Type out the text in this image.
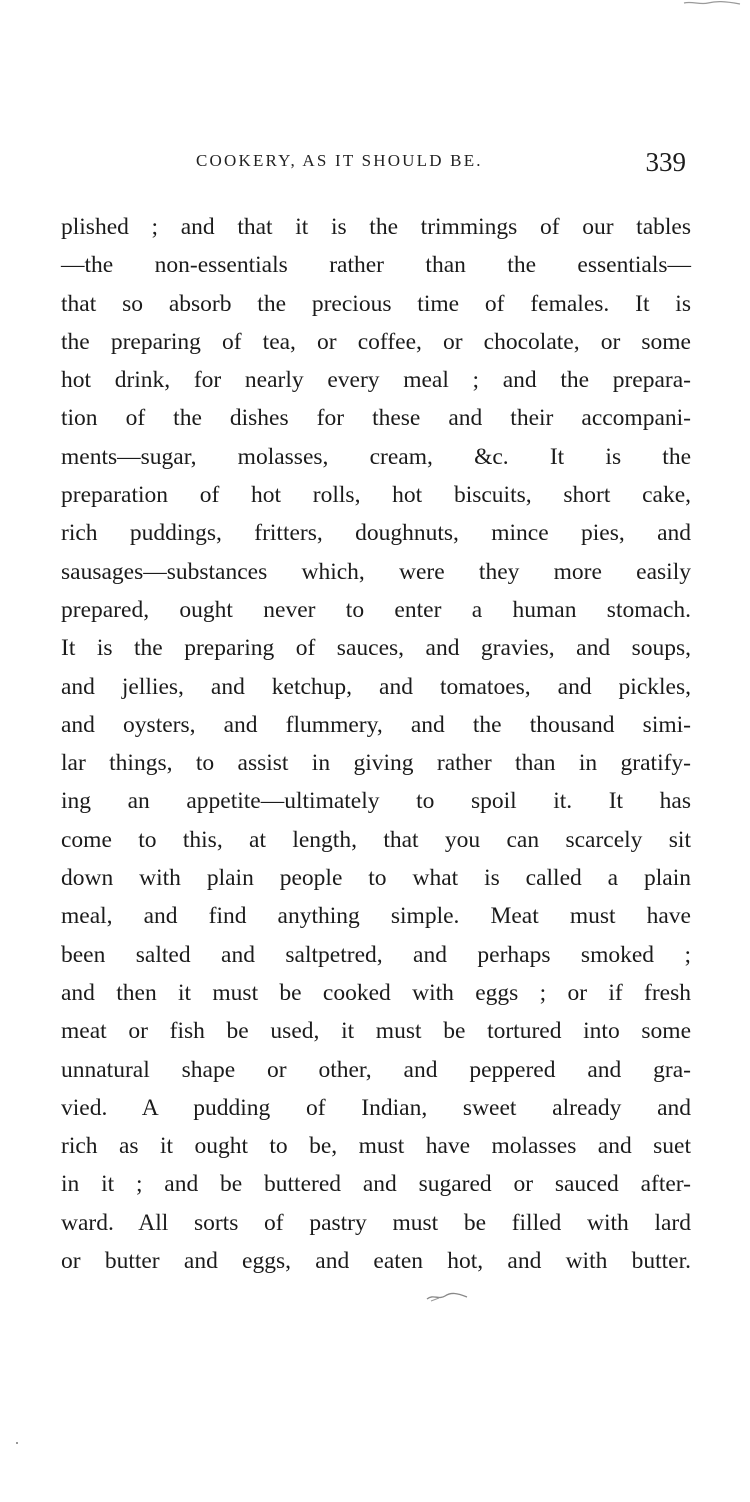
COOKERY, AS IT SHOULD BE.	339
plished ; and that it is the trimmings of our tables
—the non-essentials rather than the essentials—
that so absorb the precious time of females. It is
the preparing of tea, or coffee, or chocolate, or some
hot drink, for nearly every meal ; and the prepara-
tion of the dishes for these and their accompani-
ments—sugar, molasses, cream, &c. It is the
preparation of hot rolls, hot biscuits, short cake,
rich puddings, fritters, doughnuts, mince pies, and
sausages—substances which, were they more easily
prepared, ought never to enter a human stomach.
It is the preparing of sauces, and gravies, and soups,
and jellies, and ketchup, and tomatoes, and pickles,
and oysters, and flummery, and the thousand simi-
lar things, to assist in giving rather than in gratify-
ing an appetite—ultimately to spoil it. It has
come to this, at length, that you can scarcely sit
down with plain people to what is called a plain
meal, and find anything simple. Meat must have
been salted and saltpetred, and perhaps smoked ;
and then it must be cooked with eggs ; or if fresh
meat or fish be used, it must be tortured into some
unnatural shape or other, and peppered and gra-
vied. A pudding of Indian, sweet already and
rich as it ought to be, must have molasses and suet
in it ; and be buttered and sugared or sauced after-
ward. All sorts of pastry must be filled with lard
or butter and eggs, and eaten hot, and with butter.
